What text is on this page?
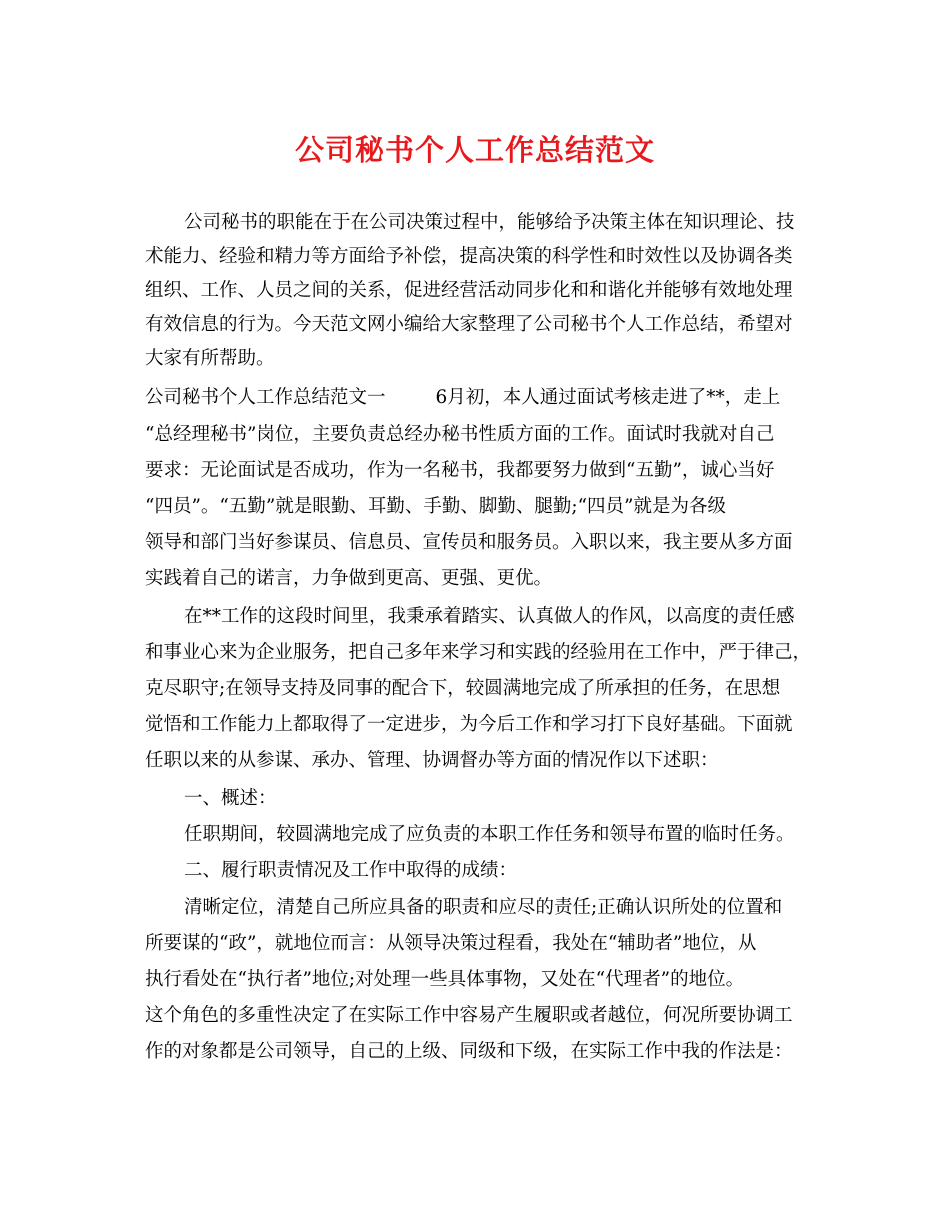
公司秘书个人工作总结范文
公司秘书的职能在于在公司决策过程中，能够给予决策主体在知识理论、技
术能力、经验和精力等方面给予补偿，提高决策的科学性和时效性以及协调各类
组织、工作、人员之间的关系，促进经营活动同步化和和谐化并能够有效地处理
有效信息的行为。今天范文网小编给大家整理了公司秘书个人工作总结，希望对
大家有所帮助。
公司秘书个人工作总结范文一	6月初，本人通过面试考核走进了**，走上
“总经理秘书”岗位，主要负责总经办秘书性质方面的工作。面试时我就对自己
要求：无论面试是否成功，作为一名秘书，我都要努力做到“五勤”，诚心当好
“四员”。“五勤”就是眼勤、耳勤、手勤、脚勤、腿勤;“四员”就是为各级
领导和部门当好参谋员、信息员、宣传员和服务员。入职以来，我主要从多方面
实践着自己的诺言，力争做到更高、更强、更优。
在**工作的这段时间里，我秉承着踏实、认真做人的作风，以高度的责任感
和事业心来为企业服务，把自己多年来学习和实践的经验用在工作中，严于律己，
克尽职守;在领导支持及同事的配合下，较圆满地完成了所承担的任务，在思想
觉悟和工作能力上都取得了一定进步，为今后工作和学习打下良好基础。下面就
任职以来的从参谋、承办、管理、协调督办等方面的情况作以下述职：
一、概述：
任职期间，较圆满地完成了应负责的本职工作任务和领导布置的临时任务。
二、履行职责情况及工作中取得的成绩：
清晰定位，清楚自己所应具备的职责和应尽的责任;正确认识所处的位置和
所要谋的“政”，就地位而言：从领导决策过程看，我处在“辅助者”地位，从
执行看处在“执行者”地位;对处理一些具体事物，又处在“代理者”的地位。
这个角色的多重性决定了在实际工作中容易产生履职或者越位，何况所要协调工
作的对象都是公司领导，自己的上级、同级和下级，在实际工作中我的作法是：
